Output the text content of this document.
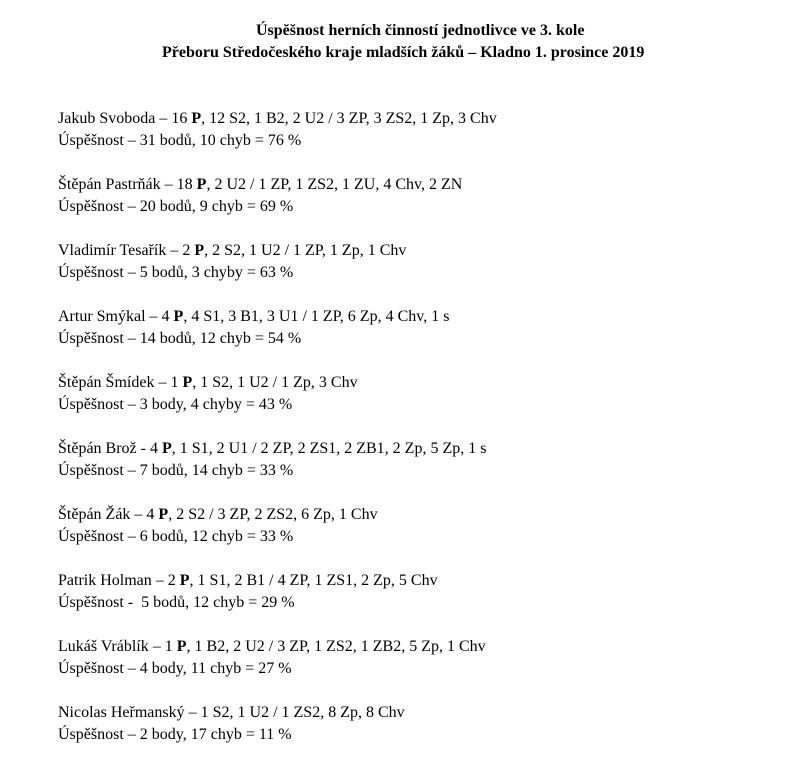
Úspěšnost herních činností jednotlivce ve 3. kole
Přeboru Středočeského kraje mladších žáků – Kladno 1. prosince 2019
Jakub Svoboda – 16 P, 12 S2, 1 B2, 2 U2 / 3 ZP, 3 ZS2, 1 Zp, 3 Chv
Úspěšnost – 31 bodů, 10 chyb = 76 %
Štěpán Pastrňák – 18 P, 2 U2 / 1 ZP, 1 ZS2, 1 ZU, 4 Chv, 2 ZN
Úspěšnost – 20 bodů, 9 chyb = 69 %
Vladimír Tesařík – 2 P, 2 S2, 1 U2 / 1 ZP, 1 Zp, 1 Chv
Úspěšnost – 5 bodů, 3 chyby = 63 %
Artur Smýkal – 4 P, 4 S1, 3 B1, 3 U1 / 1 ZP, 6 Zp, 4 Chv, 1 s
Úspěšnost – 14 bodů, 12 chyb = 54 %
Štěpán Šmídek – 1 P, 1 S2, 1 U2 / 1 Zp, 3 Chv
Úspěšnost – 3 body, 4 chyby = 43 %
Štěpán Brož - 4 P, 1 S1, 2 U1 / 2 ZP, 2 ZS1, 2 ZB1, 2 Zp, 5 Zp, 1 s
Úspěšnost – 7 bodů, 14 chyb = 33 %
Štěpán Žák – 4 P, 2 S2 / 3 ZP, 2 ZS2, 6 Zp, 1 Chv
Úspěšnost – 6 bodů, 12 chyb = 33 %
Patrik Holman – 2 P, 1 S1, 2 B1 / 4 ZP, 1 ZS1, 2 Zp, 5 Chv
Úspěšnost -  5 bodů, 12 chyb = 29 %
Lukáš Vráblík – 1 P, 1 B2, 2 U2 / 3 ZP, 1 ZS2, 1 ZB2, 5 Zp, 1 Chv
Úspěšnost – 4 body, 11 chyb = 27 %
Nicolas Heřmanský – 1 S2, 1 U2 / 1 ZS2, 8 Zp, 8 Chv
Úspěšnost – 2 body, 17 chyb = 11 %
